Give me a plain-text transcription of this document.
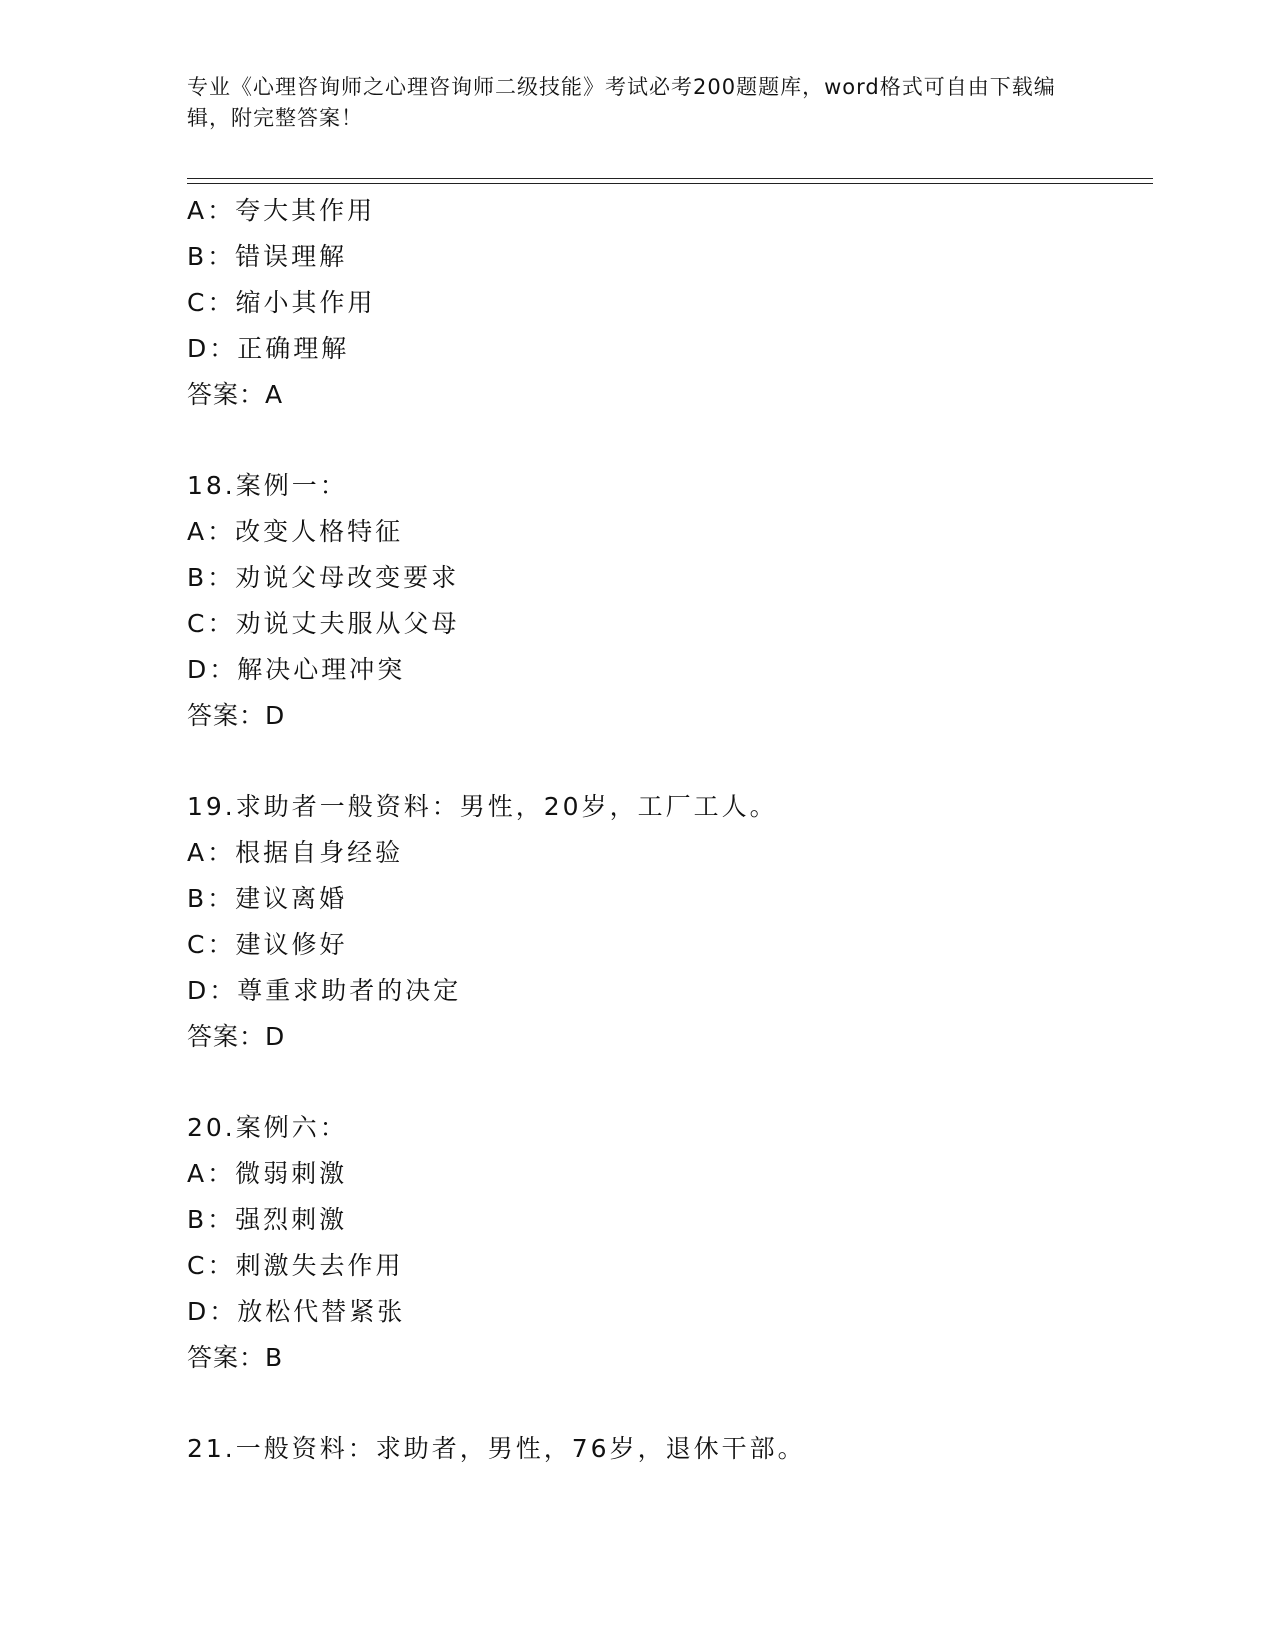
专业《心理咨询师之心理咨询师二级技能》考试必考200题题库，word格式可自由下载编辑，附完整答案！

A：夸大其作用
B：错误理解
C：缩小其作用
D：正确理解
答案：A
18.案例一：
A：改变人格特征
B：劝说父母改变要求
C：劝说丈夫服从父母
D：解决心理冲突
答案：D
19.求助者一般资料：男性，20岁，工厂工人。
A：根据自身经验
B：建议离婚
C：建议修好
D：尊重求助者的决定
答案：D
20.案例六：
A：微弱刺激
B：强烈刺激
C：刺激失去作用
D：放松代替紧张
答案：B
21.一般资料：求助者，男性，76岁，退休干部。
